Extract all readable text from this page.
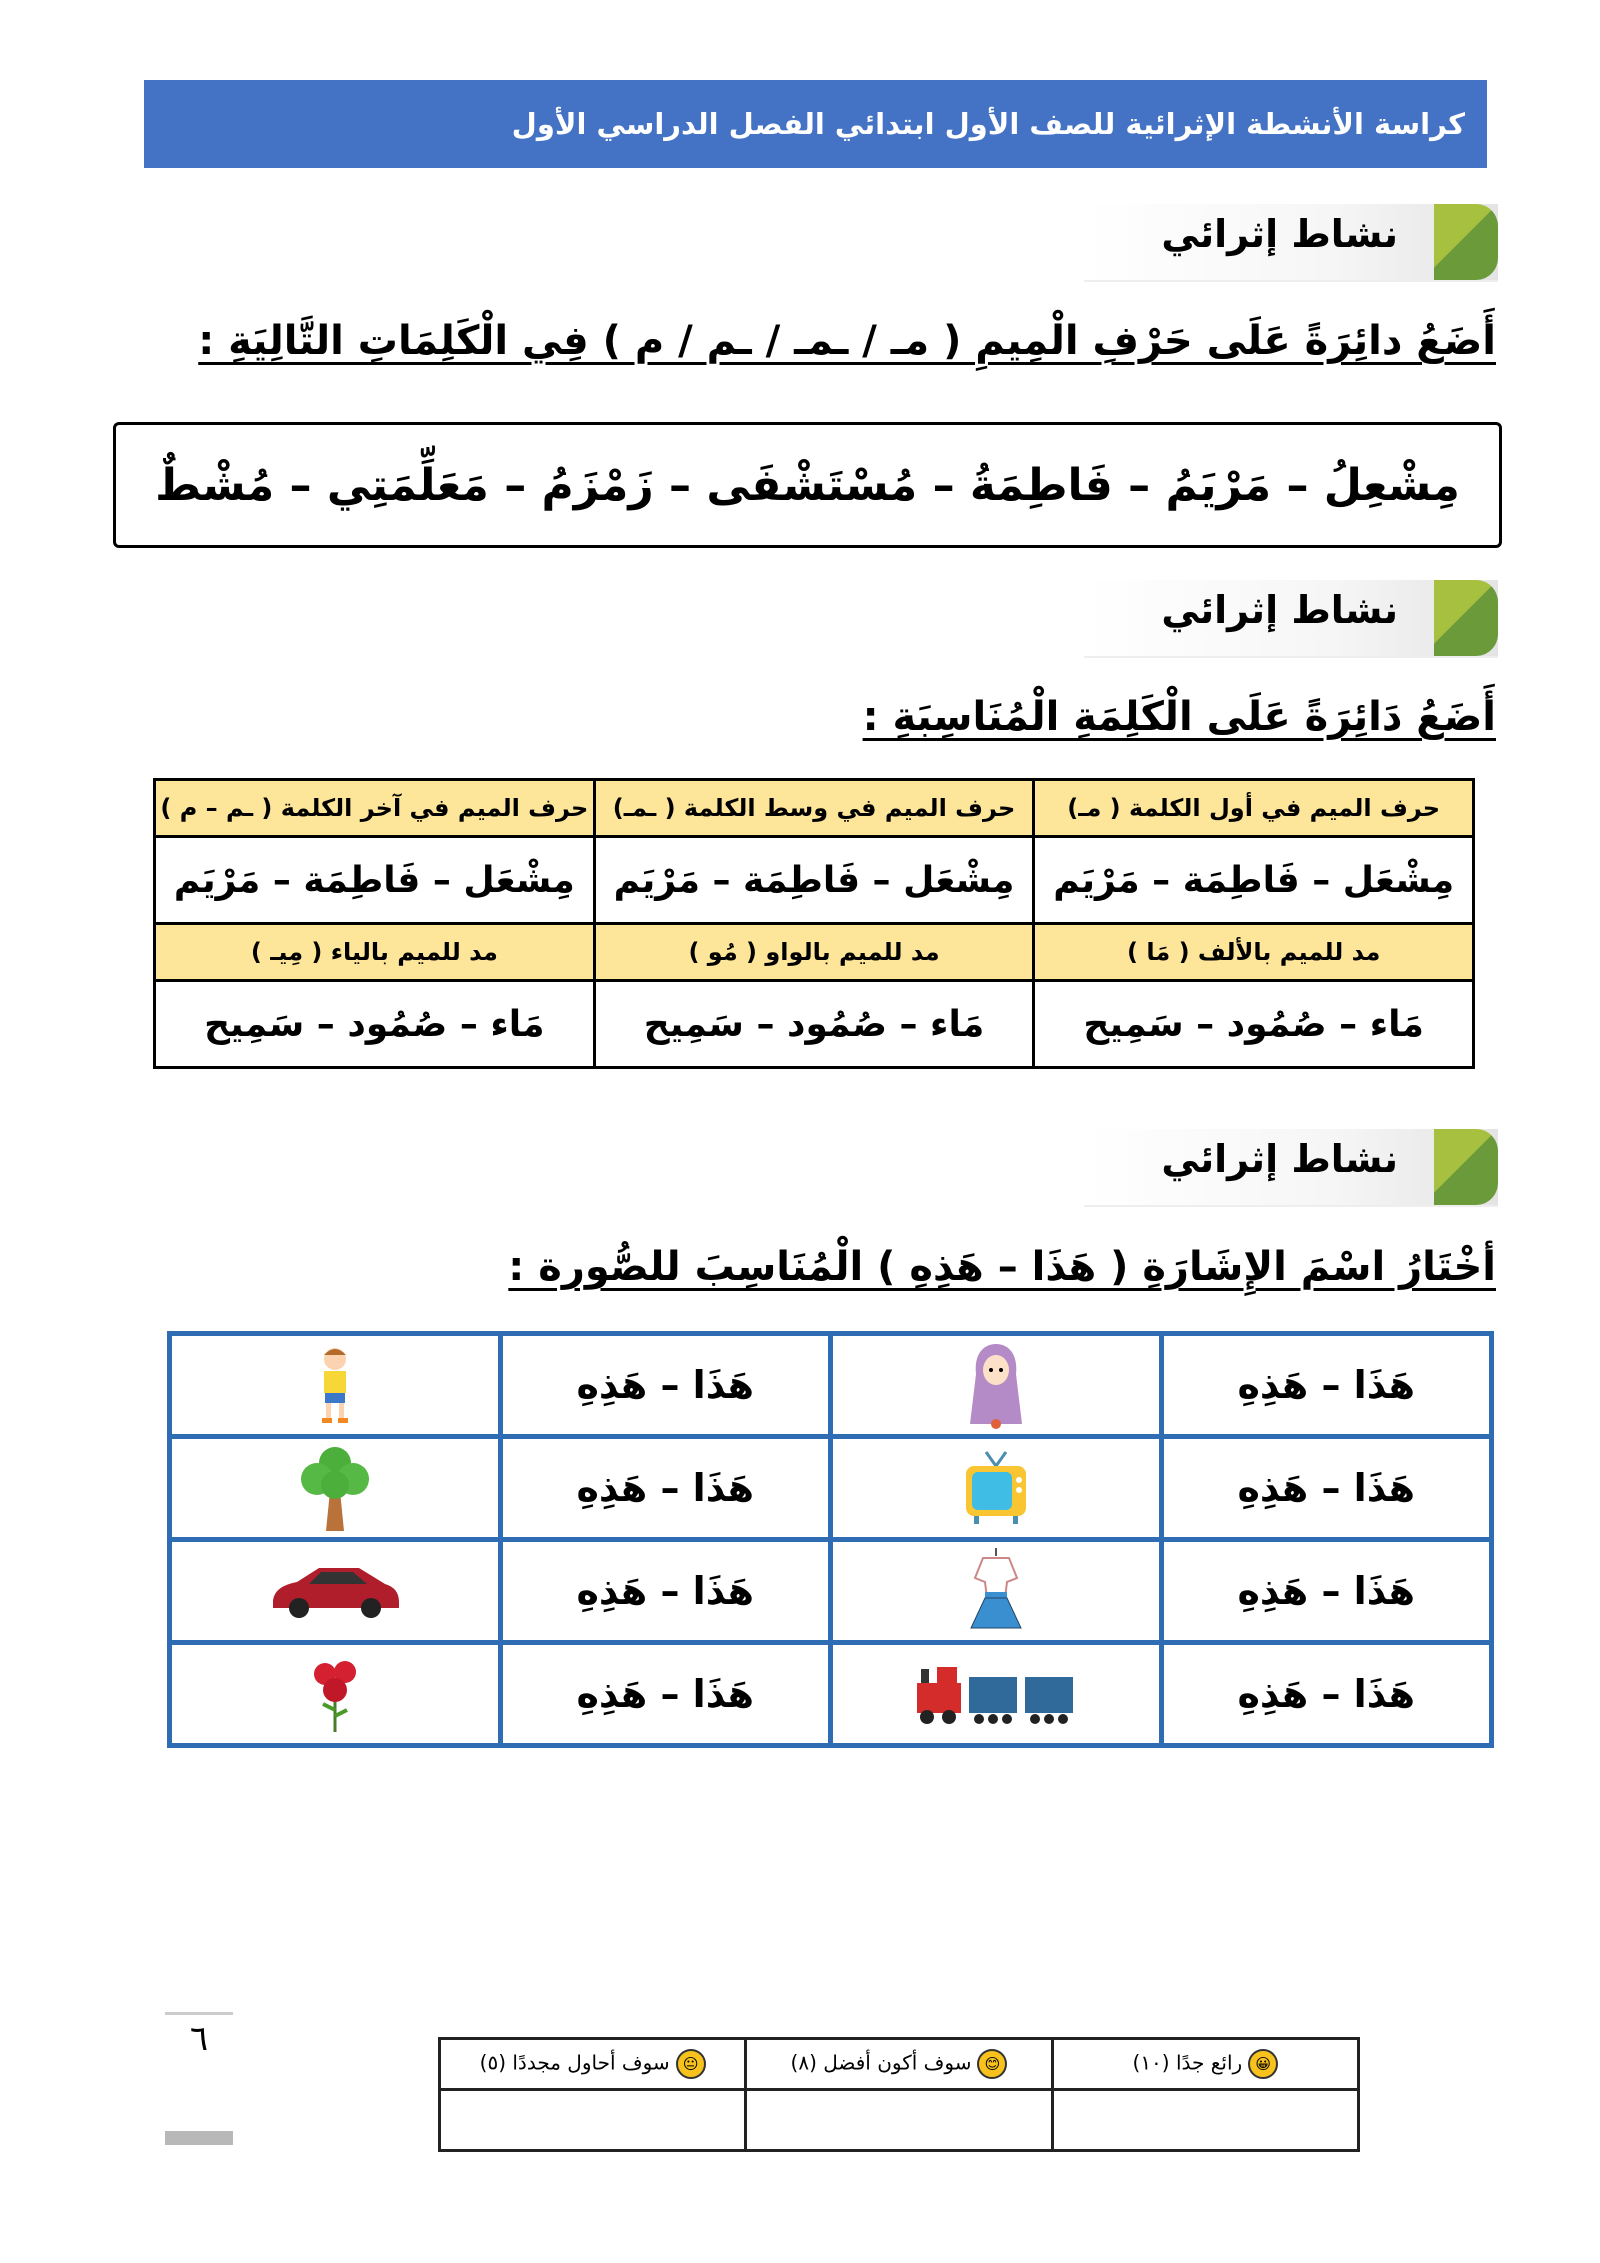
كراسة الأنشطة الإثرائية للصف الأول ابتدائي الفصل الدراسي الأول
نشاط إثرائي
أَضَعُ دائِرَةً عَلَى حَرْفِ الْمِيمِ ( مـ / ـمـ / ـم / م ) فِي الْكَلِمَاتِ التَّالِيَةِ :
مِشْعِلُ – مَرْيَمُ – فَاطِمَةُ – مُسْتَشْفَى – زَمْزَمُ – مَعَلِّمَتِي – مُشْطٌ
نشاط إثرائي
أَضَعُ دَائِرَةً عَلَى الْكَلِمَةِ الْمُنَاسِبَةِ :
حرف الميم في أول الكلمة ( مـ)	حرف الميم في وسط الكلمة ( ـمـ)	حرف الميم في آخر الكلمة ( ـم – م )
مِشْعَل – فَاطِمَة – مَرْيَم	مِشْعَل – فَاطِمَة – مَرْيَم	مِشْعَل – فَاطِمَة – مَرْيَم
مد للميم بالألف ( مَا )	مد للميم بالواو ( مُو )	مد للميم بالياء ( مِيـ )
مَاء – صُمُود – سَمِيح	مَاء – صُمُود – سَمِيح	مَاء – صُمُود – سَمِيح
نشاط إثرائي
أخْتَارُ اسْمَ الإِشَارَةِ ( هَذَا – هَذِهِ ) الْمُنَاسِبَ للصُّورة :
هَذَا – هَذِهِ		هَذَا – هَذِهِ	

هَذَا – هَذِهِ		هَذَا – هَذِهِ	

هَذَا – هَذِهِ		هَذَا – هَذِهِ	

هَذَا – هَذِهِ		هَذَا – هَذِهِ	
٦
😀رائع جدًا (١٠)	😊سوف أكون أفضل (٨)	😐سوف أحاول مجددًا (٥)
